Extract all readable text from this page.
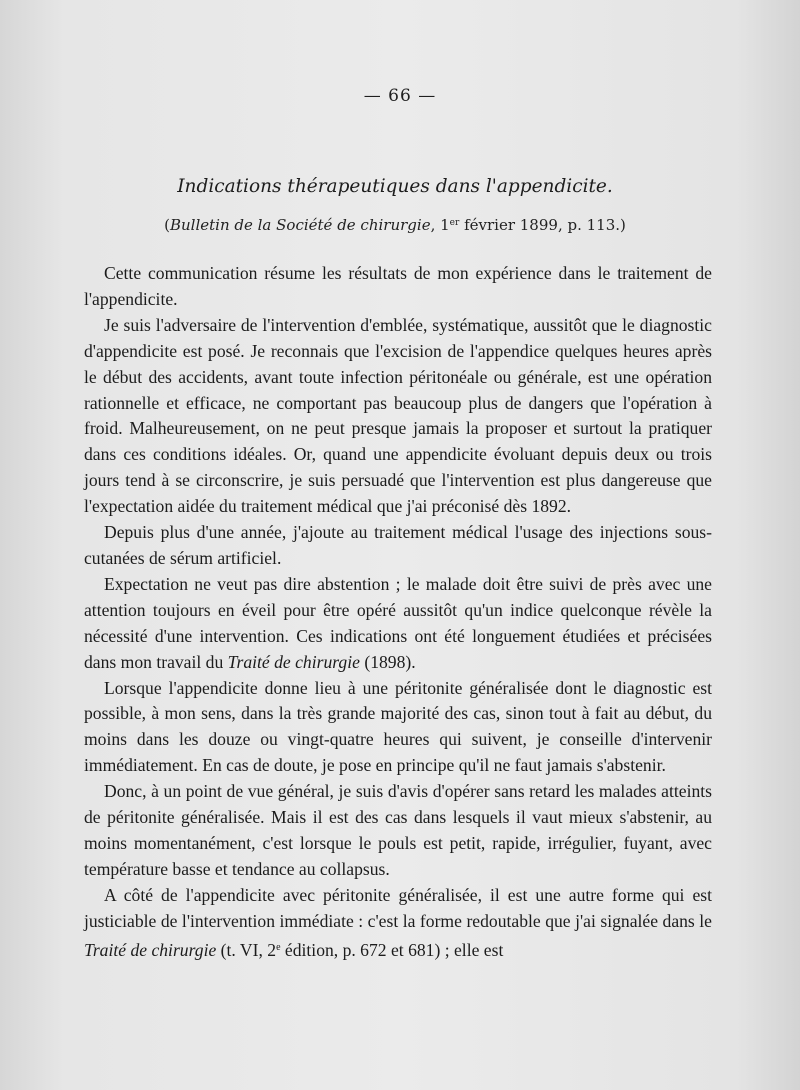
— 66 —
Indications thérapeutiques dans l'appendicite.
(Bulletin de la Société de chirurgie, 1er février 1899, p. 113.)

Cette communication résume les résultats de mon expérience dans le traitement de l'appendicite.

Je suis l'adversaire de l'intervention d'emblée, systématique, aussitôt que le diagnostic d'appendicite est posé. Je reconnais que l'excision de l'appendice quelques heures après le début des accidents, avant toute infection péritonéale ou générale, est une opération rationnelle et efficace, ne comportant pas beaucoup plus de dangers que l'opération à froid. Malheureusement, on ne peut presque jamais la proposer et surtout la pratiquer dans ces conditions idéales. Or, quand une appendicite évoluant depuis deux ou trois jours tend à se circonscrire, je suis persuadé que l'intervention est plus dangereuse que l'expectation aidée du traitement médical que j'ai préconisé dès 1892.

Depuis plus d'une année, j'ajoute au traitement médical l'usage des injections sous-cutanées de sérum artificiel.

Expectation ne veut pas dire abstention ; le malade doit être suivi de près avec une attention toujours en éveil pour être opéré aussitôt qu'un indice quelconque révèle la nécessité d'une intervention. Ces indications ont été longuement étudiées et précisées dans mon travail du Traité de chirurgie (1898).

Lorsque l'appendicite donne lieu à une péritonite généralisée dont le diagnostic est possible, à mon sens, dans la très grande majorité des cas, sinon tout à fait au début, du moins dans les douze ou vingt-quatre heures qui suivent, je conseille d'intervenir immédiatement. En cas de doute, je pose en principe qu'il ne faut jamais s'abstenir.

Donc, à un point de vue général, je suis d'avis d'opérer sans retard les malades atteints de péritonite généralisée. Mais il est des cas dans lesquels il vaut mieux s'abstenir, au moins momentanément, c'est lorsque le pouls est petit, rapide, irrégulier, fuyant, avec température basse et tendance au collapsus.

A côté de l'appendicite avec péritonite généralisée, il est une autre forme qui est justiciable de l'intervention immédiate : c'est la forme redoutable que j'ai signalée dans le Traité de chirurgie (t. VI, 2e édition, p. 672 et 681) ; elle est
